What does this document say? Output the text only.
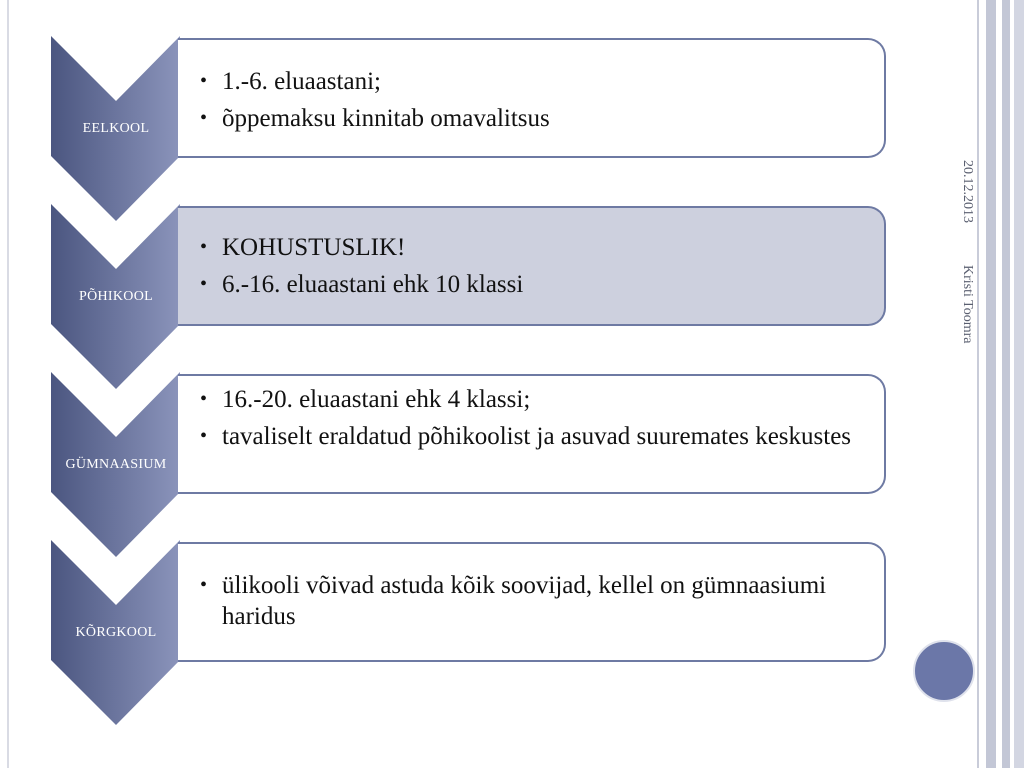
EELKOOL
• 1.-6. eluaastani;
• õppemaksu kinnitab omavalitsus
PÕHIKOOL
• KOHUSTUSLIK!
• 6.-16. eluaastani ehk 10 klassi
GÜMNAASIUM
• 16.-20. eluaastani ehk 4 klassi;
• tavaliselt eraldatud põhikoolist ja asuvad suuremates keskustes
KÕRGKOOL
• ülikooli võivad astuda kõik soovijad, kellel on gümnaasiumi haridus
20.12.2013 Kristi Toomra
